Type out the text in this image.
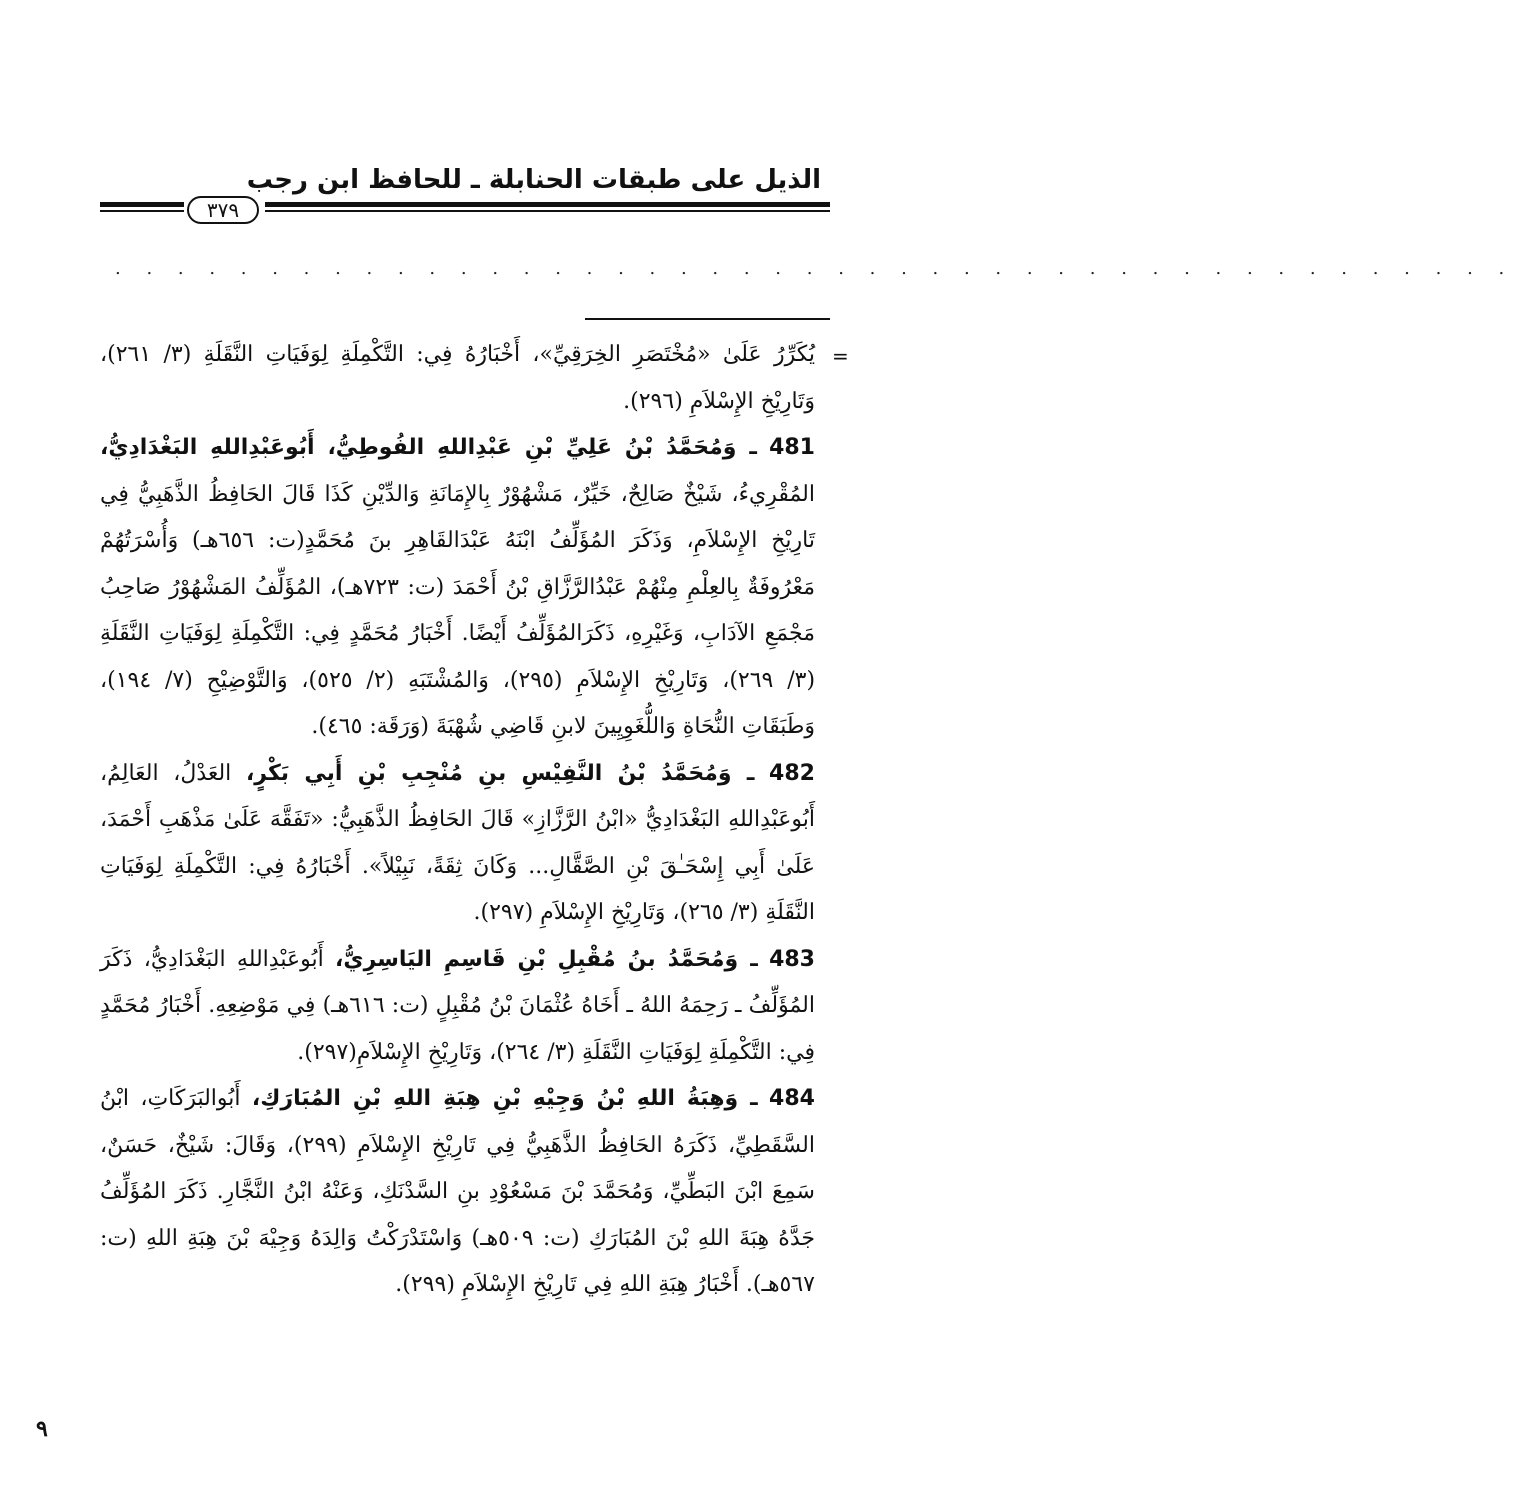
الذيل على طبقات الحنابلة ـ للحافظ ابن رجب
٣٧٩
. . . . . . . . . . . . . . . . . . . . . . . . . . . . . . . . . . . . . . . . . . . . .
=

يُكَرِّرُ عَلَىٰ «مُخْتَصَرِ الخِرَقِيِّ»، أَخْبَارُهُ فِي: التَّكْمِلَةِ لِوَفَيَاتِ النَّقَلَةِ (٣/ ٢٦١)، وَتَارِيْخِ الإِسْلاَمِ (٢٩٦).

481 ـ وَمُحَمَّدُ بْنُ عَلِيِّ بْنِ عَبْدِاللهِ الفُوطِيُّ، أَبُوعَبْدِاللهِ البَغْدَادِيُّ، المُقْرِيءُ، شَيْخٌ صَالِحٌ، خَيِّرٌ، مَشْهُوْرٌ بِالإِمَانَةِ وَالدِّيْنِ كَذَا قَالَ الحَافِظُ الذَّهَبِيُّ فِي تَارِيْخِ الإِسْلاَمِ، وَذَكَرَ المُؤَلِّفُ ابْنَهُ عَبْدَالقَاهِرِ بنَ مُحَمَّدٍ(ت: ٦٥٦هـ) وَأُسْرَتُهُمْ مَعْرُوفَةٌ بِالعِلْمِ مِنْهُمْ عَبْدُالرَّزَّاقِ بْنُ أَحْمَدَ (ت: ٧٢٣هـ)، المُؤَلِّفُ المَشْهُوْرُ صَاحِبُ مَجْمَعِ الآدَابِ، وَغَيْرِهِ، ذَكَرَالمُؤَلِّفُ أَيْضًا. أَخْبَارُ مُحَمَّدٍ فِي: التَّكْمِلَةِ لِوَفَيَاتِ النَّقَلَةِ (٣/ ٢٦٩)، وَتَارِيْخِ الإِسْلاَمِ (٢٩٥)، وَالمُشْتَبَهِ (٢/ ٥٢٥)، وَالتَّوْضِيْحِ (٧/ ١٩٤)، وَطَبَقَاتِ النُّحَاةِ وَاللُّغَوِيِينَ لابنِ قَاضِي شُهْبَةَ (وَرَقَة: ٤٦٥).

482 ـ وَمُحَمَّدُ بْنُ النَّفِيْسِ بنِ مُنْجِبِ بْنِ أَبِي بَكْرٍ، العَدْلُ، العَالِمُ، أَبُوعَبْدِاللهِ البَغْدَادِيُّ «ابْنُ الرَّزَّازِ» قَالَ الحَافِظُ الذَّهَبِيُّ: «تَفَقَّهَ عَلَىٰ مَذْهَبِ أَحْمَدَ، عَلَىٰ أَبِي إِسْحَـٰقَ بْنِ الصَّقَّالِ... وَكَانَ ثِقَةً، نَبِيْلاً». أَخْبَارُهُ فِي: التَّكْمِلَةِ لِوَفَيَاتِ النَّقَلَةِ (٣/ ٢٦٥)، وَتَارِيْخِ الإِسْلاَمِ (٢٩٧).

483 ـ وَمُحَمَّدُ بنُ مُقْبِلِ بْنِ قَاسِمِ اليَاسِرِيُّ، أَبُوعَبْدِاللهِ البَغْدَادِيُّ، ذَكَرَ المُؤَلِّفُ ـ رَحِمَهُ اللهُ ـ أَخَاهُ عُثْمَانَ بْنُ مُقْبِلٍ (ت: ٦١٦هـ) فِي مَوْضِعِهِ. أَخْبَارُ مُحَمَّدٍ فِي: التَّكْمِلَةِ لِوَفَيَاتِ النَّقَلَةِ (٣/ ٢٦٤)، وَتَارِيْخِ الإِسْلاَمِ(٢٩٧).

484 ـ وَهِبَةُ اللهِ بْنُ وَجِيْهِ بْنِ هِبَةِ اللهِ بْنِ المُبَارَكِ، أَبُوالبَرَكَاتِ، ابْنُ السَّقَطِيِّ، ذَكَرَهُ الحَافِظُ الذَّهَبِيُّ فِي تَارِيْخِ الإِسْلاَمِ (٢٩٩)، وَقَالَ: شَيْخٌ، حَسَنٌ، سَمِعَ ابْنَ البَطِّيِّ، وَمُحَمَّدَ بْنَ مَسْعُوْدِ بنِ السَّدْنَكِ، وَعَنْهُ ابْنُ النَّجَّارِ. ذَكَرَ المُؤَلِّفُ جَدَّهُ هِبَةَ اللهِ بْنَ المُبَارَكِ (ت: ٥٠٩هـ) وَاسْتَدْرَكْتُ وَالِدَهُ وَجِيْهَ بْنَ هِبَةِ اللهِ (ت: ٥٦٧هـ). أَخْبَارُ هِبَةِ اللهِ فِي تَارِيْخِ الإِسْلاَمِ (٢٩٩).

٩
